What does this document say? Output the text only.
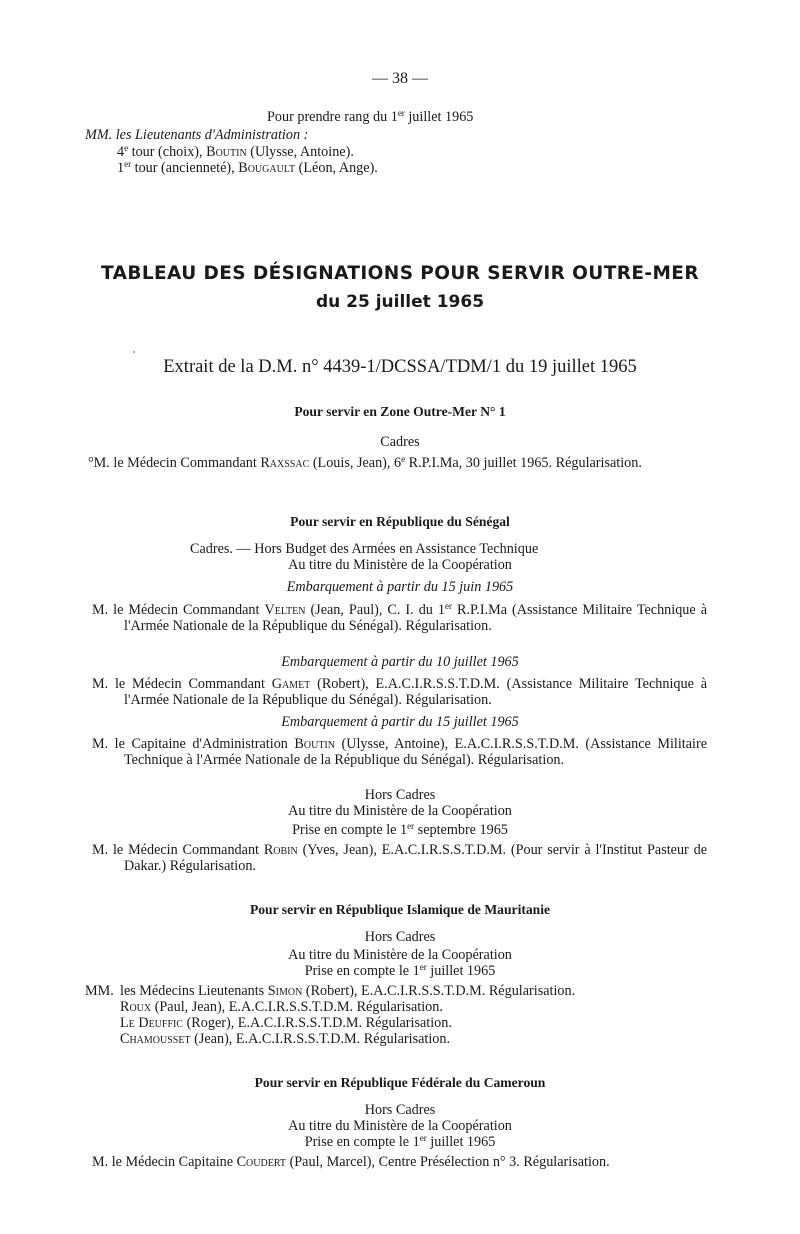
— 38 —
Pour prendre rang du 1er juillet 1965
MM. les Lieutenants d'Administration :
4e tour (choix), Boutin (Ulysse, Antoine).
1er tour (ancienneté), Bougault (Léon, Ange).
TABLEAU DES DÉSIGNATIONS POUR SERVIR OUTRE-MER
du 25 juillet 1965
Extrait de la D.M. n° 4439-1/DCSSA/TDM/1 du 19 juillet 1965
Pour servir en Zone Outre-Mer N° 1
Cadres
°M. le Médecin Commandant Raxssac (Louis, Jean), 6e R.P.I.Ma, 30 juillet 1965. Régularisation.
Pour servir en République du Sénégal
Cadres. — Hors Budget des Armées en Assistance Technique
Au titre du Ministère de la Coopération
Embarquement à partir du 15 juin 1965
M. le Médecin Commandant Velten (Jean, Paul), C. I. du 1er R.P.I.Ma (Assistance Militaire Technique à l'Armée Nationale de la République du Sénégal). Régularisation.
Embarquement à partir du 10 juillet 1965
M. le Médecin Commandant Gamet (Robert), E.A.C.I.R.S.S.T.D.M. (Assistance Militaire Technique à l'Armée Nationale de la République du Sénégal). Régularisation.
Embarquement à partir du 15 juillet 1965
M. le Capitaine d'Administration Boutin (Ulysse, Antoine), E.A.C.I.R.S.S.T.D.M. (Assistance Militaire Technique à l'Armée Nationale de la République du Sénégal). Régularisation.
Hors Cadres
Au titre du Ministère de la Coopération
Prise en compte le 1er septembre 1965
M. le Médecin Commandant Robin (Yves, Jean), E.A.C.I.R.S.S.T.D.M. (Pour servir à l'Institut Pasteur de Dakar.) Régularisation.
Pour servir en République Islamique de Mauritanie
Hors Cadres
Au titre du Ministère de la Coopération
Prise en compte le 1er juillet 1965
MM. les Médecins Lieutenants Simon (Robert), E.A.C.I.R.S.S.T.D.M. Régularisation.
Roux (Paul, Jean), E.A.C.I.R.S.S.T.D.M. Régularisation.
Le Deuffic (Roger), E.A.C.I.R.S.S.T.D.M. Régularisation.
Chamousset (Jean), E.A.C.I.R.S.S.T.D.M. Régularisation.
Pour servir en République Fédérale du Cameroun
Hors Cadres
Au titre du Ministère de la Coopération
Prise en compte le 1er juillet 1965
M. le Médecin Capitaine Coudert (Paul, Marcel), Centre Présélection n° 3. Régularisation.
